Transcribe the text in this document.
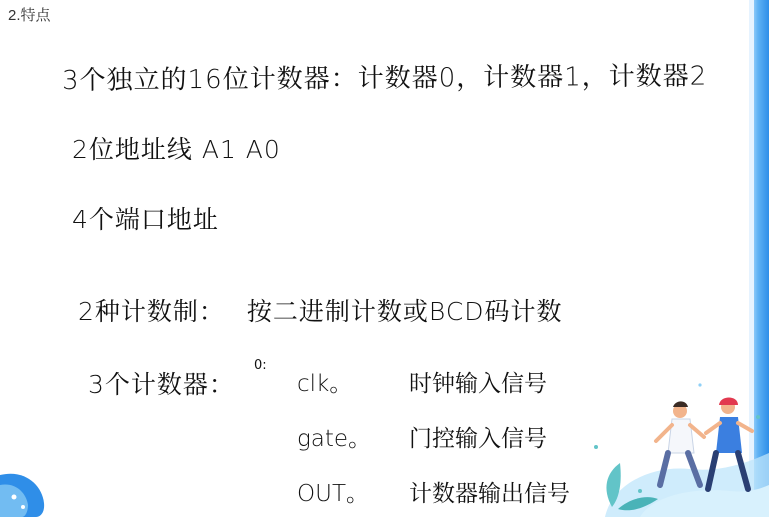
2.特点
3个独立的16位计数器：计数器0，计数器1，计数器2
2位地址线 A1 A0
4个端口地址
2种计数制： 按二进制计数或BCD码计数
3个计数器：
0:
clk。 时钟输入信号
gate。 门控输入信号
OUT。 计数器输出信号
